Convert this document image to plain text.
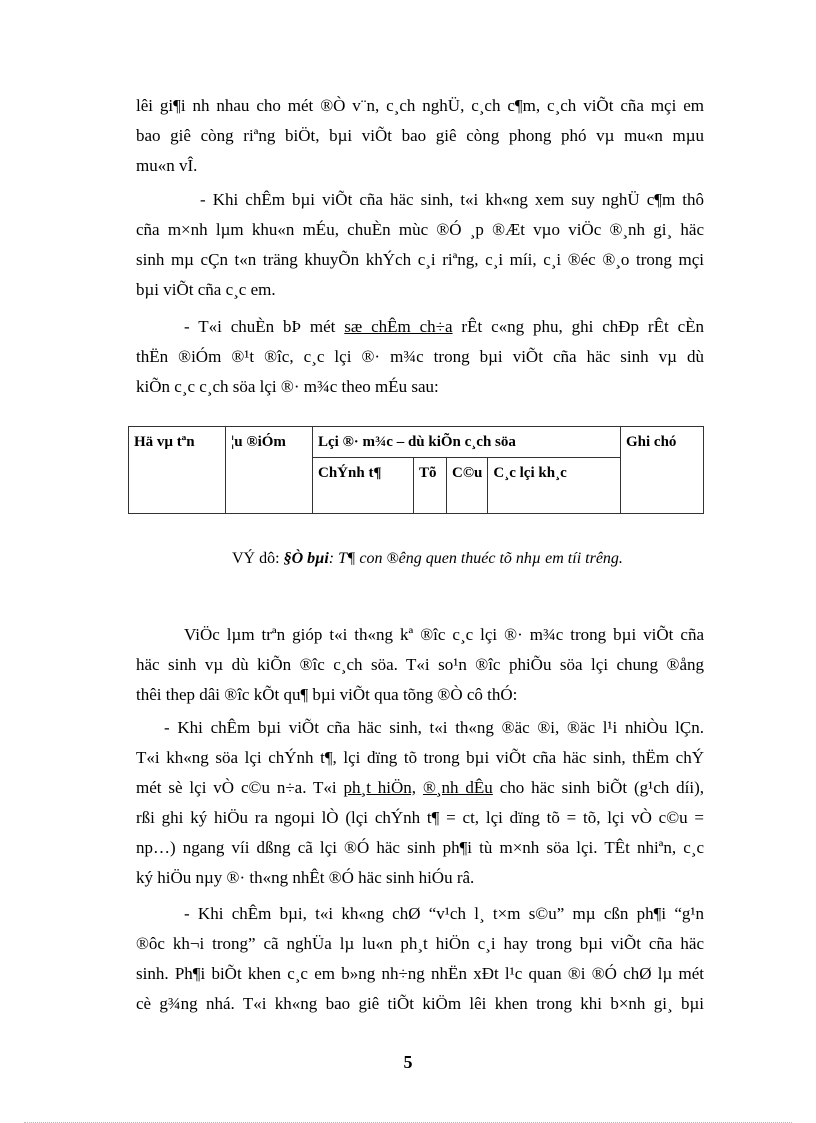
lêi gi¶i nh nhau cho mét ®Ò v¨n, c¸ch nghÜ, c¸ch c¶m, c¸ch viÕt cña mçi em
bao giê còng riªng biÖt, bµi viÕt bao giê còng phong phó vµ mu«n mµu
mu«n vÎ.
- Khi chÊm bµi viÕt cña häc sinh, t«i kh«ng xem suy nghÜ c¶m thô
cña m×nh lµm khu«n mÉu, chuÈn mùc ®Ó ¸p ®Æt vµo viÖc ®¸nh gi¸ häc
sinh mµ cÇn t«n träng khuyÕn khÝch c¸i riªng, c¸i míi, c¸i ®éc ®¸o trong mçi
bµi viÕt cña c¸c em.
- T«i chuÈn bÞ mét sæ chÊm ch÷a rÊt c«ng phu, ghi chÐp rÊt cÈn
thËn ®iÓm ®¹t ®îc, c¸c lçi ®· m¾c trong bµi viÕt cña häc sinh vµ dù
kiÕn c¸c c¸ch söa lçi ®· m¾c theo mÉu sau:
Hä vµ tªn	¦u ®iÓm	Lçi ®· m¾c – dù kiÕn c¸ch söa				Ghi chó
		ChÝnh t¶	Tõ	C©u	C¸c lçi kh¸c	
VÝ dô: §Ò bµi: T¶ con ®êng quen thuéc tõ nhµ em tíi trêng.
ViÖc lµm trªn gióp t«i th«ng kª ®îc c¸c lçi ®· m¾c trong bµi viÕt cña
häc sinh vµ dù kiÕn ®îc c¸ch söa. T«i so¹n ®îc phiÕu söa lçi chung ®ång
thêi thep dâi ®îc kÕt qu¶ bµi viÕt qua tõng ®Ò cô thÓ:
- Khi chÊm bµi viÕt cña häc sinh, t«i th«ng ®äc ®i, ®äc l¹i nhiÒu lÇn.
T«i kh«ng söa lçi chÝnh t¶, lçi dïng tõ trong bµi viÕt cña häc sinh, thËm chÝ
mét sè lçi vÒ c©u n÷a. T«i ph¸t hiÖn, ®¸nh dÊu cho häc sinh biÕt (g¹ch díi),
rßi ghi ký hiÖu ra ngoµi lÒ (lçi chÝnh t¶ = ct, lçi dïng tõ = tõ, lçi vÒ c©u =
np…) ngang víi dßng cã lçi ®Ó häc sinh ph¶i tù m×nh söa lçi. TÊt nhiªn, c¸c
ký hiÖu nµy ®· th«ng nhÊt ®Ó häc sinh hiÓu râ.
- Khi chÊm bµi, t«i kh«ng chØ “v¹ch l¸ t×m s©u” mµ cßn ph¶i “g¹n
®ôc kh¬i trong” cã nghÜa lµ lu«n ph¸t hiÖn c¸i hay trong bµi viÕt cña häc
sinh. Ph¶i biÕt khen c¸c em b»ng nh÷ng nhËn xÐt l¹c quan ®i ®Ó chØ lµ mét
cè g¾ng nhá. T«i kh«ng bao giê tiÕt kiÖm lêi khen trong khi b×nh gi¸ bµi
5
